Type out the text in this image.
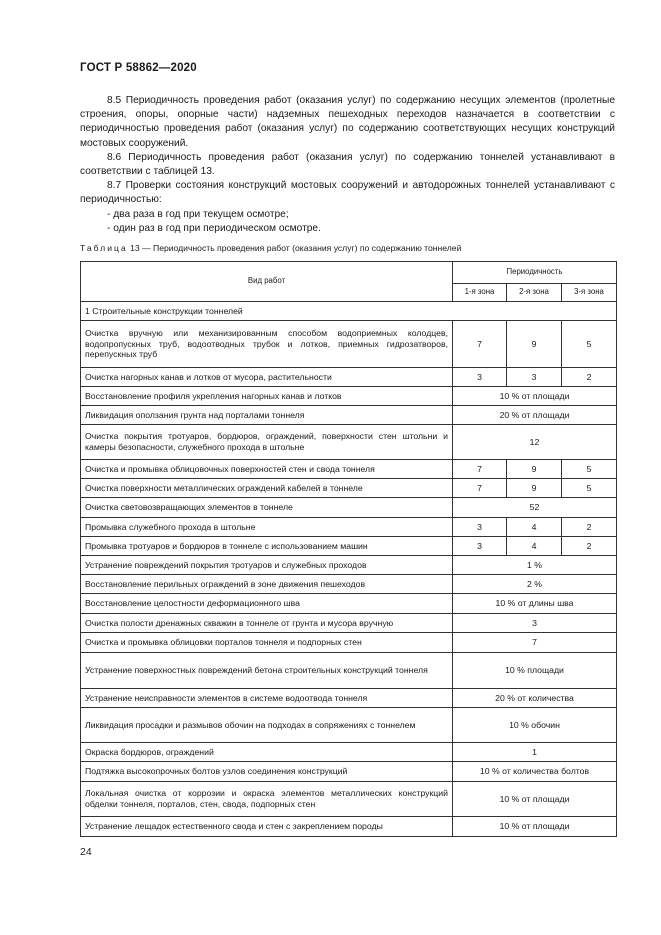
ГОСТ Р 58862—2020

8.5 Периодичность проведения работ (оказания услуг) по содержанию несущих элементов (пролетные строения, опоры, опорные части) надземных пешеходных переходов назначается в соответствии с периодичностью проведения работ (оказания услуг) по содержанию соответствующих несущих конструкций мостовых сооружений.

8.6 Периодичность проведения работ (оказания услуг) по содержанию тоннелей устанавливают в соответствии с таблицей 13.

8.7 Проверки состояния конструкций мостовых сооружений и автодорожных тоннелей устанавливают с периодичностью:

- два раза в год при текущем осмотре;

- один раз в год при периодическом осмотре.

Таблица 13 — Периодичность проведения работ (оказания услуг) по содержанию тоннелей
Вид работ	Периодичность		
	1-я зона	2-я зона	3-я зона
1 Строительные конструкции тоннелей			
Очистка вручную или механизированным способом водоприемных колодцев, водопропускных труб, водоотводных трубок и лотков, приемных гидрозатворов, перепускных труб	7	9	5
Очистка нагорных канав и лотков от мусора, растительности	3	3	2
Восстановление профиля укрепления нагорных канав и лотков	10 % от площади		
Ликвидация оползания грунта над порталами тоннеля	20 % от площади		
Очистка покрытия тротуаров, бордюров, ограждений, поверхности стен штольни и камеры безопасности, служебного прохода в штольне	12		
Очистка и промывка облицовочных поверхностей стен и свода тоннеля	7	9	5
Очистка поверхности металлических ограждений кабелей в тоннеле	7	9	5
Очистка световозвращающих элементов в тоннеле	52		
Промывка служебного прохода в штольне	3	4	2
Промывка тротуаров и бордюров в тоннеле с использованием машин	3	4	2
Устранение повреждений покрытия тротуаров и служебных проходов	1 %		
Восстановление перильных ограждений в зоне движения пешеходов	2 %		
Восстановление целостности деформационного шва	10 % от длины шва		
Очистка полости дренажных скважин в тоннеле от грунта и мусора вручную	3		
Очистка и промывка облицовки порталов тоннеля и подпорных стен	7		
Устранение поверхностных повреждений бетона строительных конструкций тоннеля	10 % площади		
Устранение неисправности элементов в системе водоотвода тоннеля	20 % от количества		
Ликвидация просадки и размывов обочин на подходах в сопряжениях с тоннелем	10 % обочин		
Окраска бордюров, ограждений	1		
Подтяжка высокопрочных болтов узлов соединения конструкций	10 % от количества болтов		
Локальная очистка от коррозии и окраска элементов металлических конструкций обделки тоннеля, порталов, стен, свода, подпорных стен	10 % от площади		
Устранение лещадок естественного свода и стен с закреплением породы	10 % от площади		
24
